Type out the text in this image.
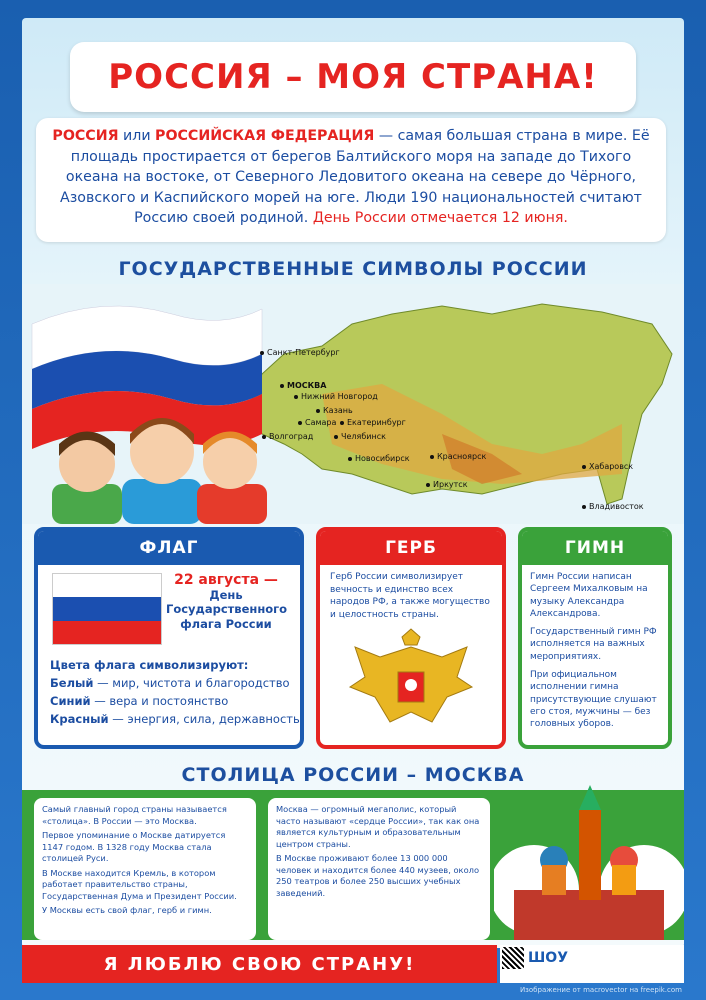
РОССИЯ – МОЯ СТРАНА!
РОССИЯ или РОССИЙСКАЯ ФЕДЕРАЦИЯ — самая большая страна в мире. Её площадь простирается от берегов Балтийского моря на западе до Тихого океана на востоке, от Северного Ледовитого океана на севере до Чёрного, Азовского и Каспийского морей на юге. Люди 190 национальностей считают Россию своей родиной. День России отмечается 12 июня.
ГОСУДАРСТВЕННЫЕ СИМВОЛЫ РОССИИ
Санкт-Петербург
МОСКВА
Нижний Новгород
Казань
Самара
Волгоград
Екатеринбург
Челябинск
Новосибирск	Красноярск
Иркутск
Хабаровск
Владивосток
ФЛАГ
22 августа —
День Государственного флага России
Цвета флага символизируют:
Белый — мир, чистота и благородство
Синий — вера и постоянство
Красный — энергия, сила, державность
ГЕРБ
Герб России символизирует вечность и единство всех народов РФ, а также могущество и целостность страны.
ГИМН

Гимн России написан Сергеем Михалковым на музыку Александра Александрова.

Государственный гимн РФ исполняется на важных мероприятиях.

При официальном исполнении гимна присутствующие слушают его стоя, мужчины — без головных уборов.

СТОЛИЦА РОССИИ – МОСКВА

Самый главный город страны называется «столица». В России — это Москва.

Первое упоминание о Москве датируется 1147 годом. В 1328 году Москва стала столицей Руси.

В Москве находится Кремль, в котором работает правительство страны, Государственная Дума и Президент России.

У Москвы есть свой флаг, герб и гимн.

Москва — огромный мегаполис, который часто называют «сердце России», так как она является культурным и образовательным центром страны.

В Москве проживают более 13 000 000 человек и находится более 440 музеев, около 250 театров и более 250 высших учебных заведений.

Я ЛЮБЛЮ СВОЮ СТРАНУ!	ШОУ
Изображение от macrovector на freepik.com
